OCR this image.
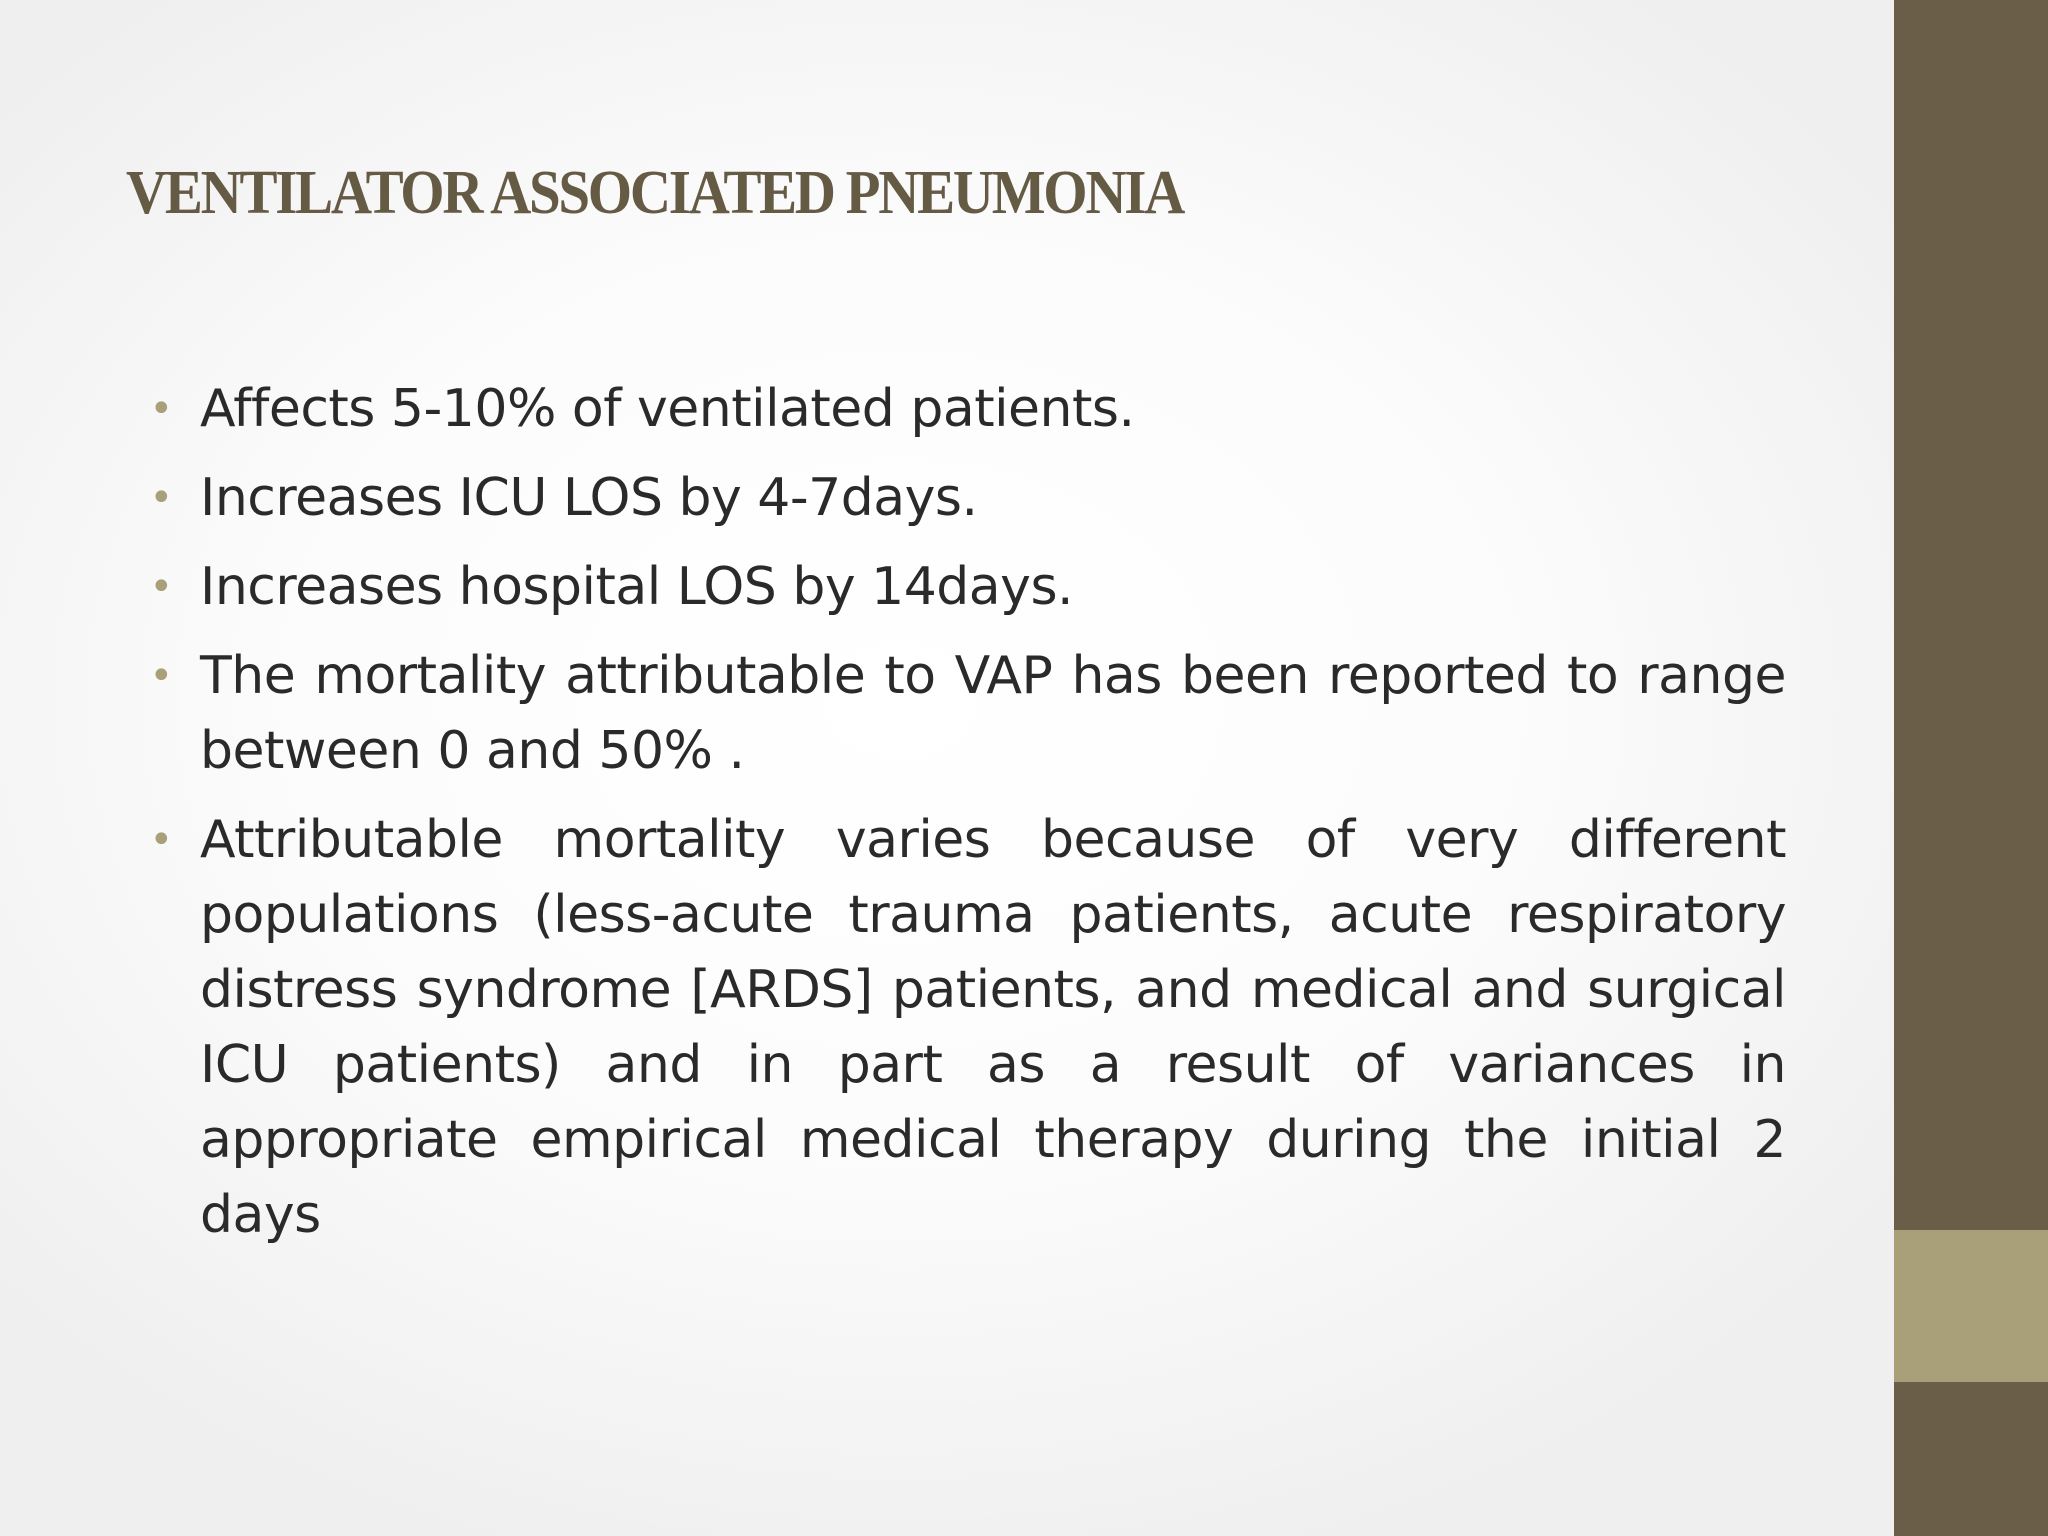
VENTILATOR ASSOCIATED PNEUMONIA
• Affects 5-10% of ventilated patients.
• Increases ICU LOS by 4-7days.
• Increases hospital LOS by 14days.
• The mortality attributable to VAP has been reported to range between 0 and 50% .
• Attributable mortality varies because of very different populations (less-acute trauma patients, acute respiratory distress syndrome [ARDS] patients, and medical and surgical ICU patients) and in part as a result of variances in appropriate empirical medical therapy during the initial 2 days
